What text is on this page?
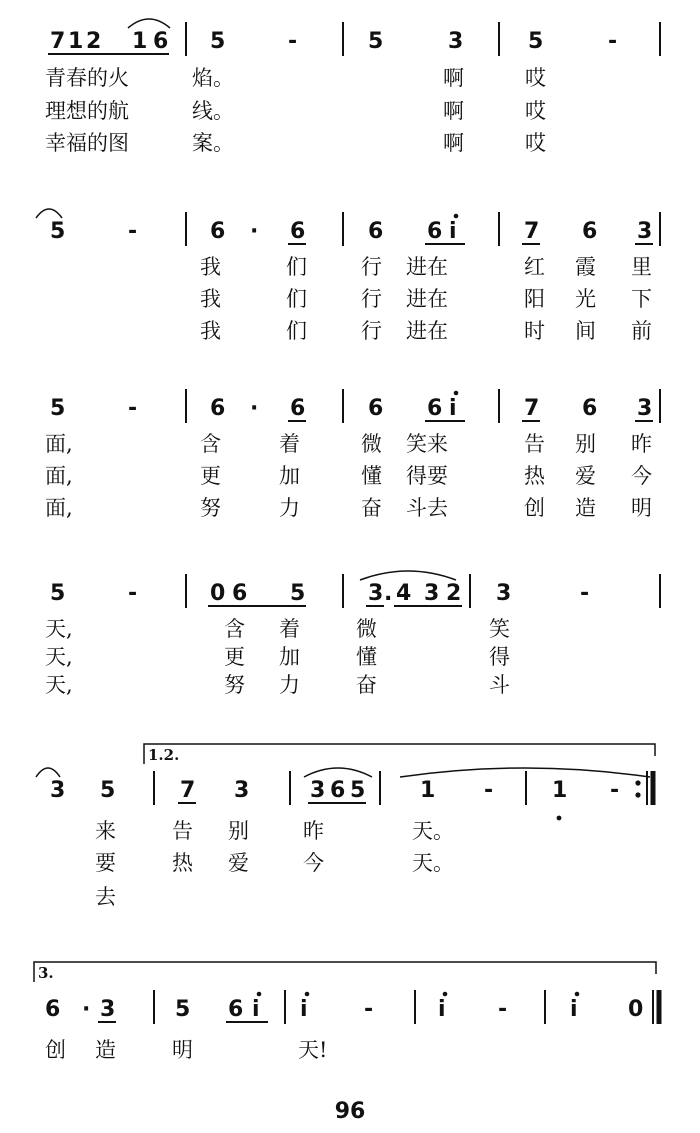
7 1 2 1 6 5	-	5	3	5	-
青春的火	焰。	啊	哎
理想的航	线。	啊	哎
幸福的图	案。	啊	哎
5	-	6 · 6	6 6 i	7 6 3
我	们	行 进在	红 霞 里
我	们	行 进在	阳 光 下
我	们	行 进在	时 间 前
5	-	6 · 6	6 6 i	7 6 3
面,	含	着	微 笑来	告 别 昨
面,	更	加	懂 得要	热 爱 今
面,	努	力	奋 斗去	创 造 明
5	-	0 6 5	3 . 4 3 2 3	-
天,	含 着	微	笑
天,	更 加	懂	得
天,	努 力	奋	斗
1.2.
3 5	7 3	3 6 5 1 -	1 -
来	告 别	昨	天。
要	热 爱	今	天。
去
3.
6 · 3	5 6 i i	-	i -	i 0
创 造	明	天!
96
